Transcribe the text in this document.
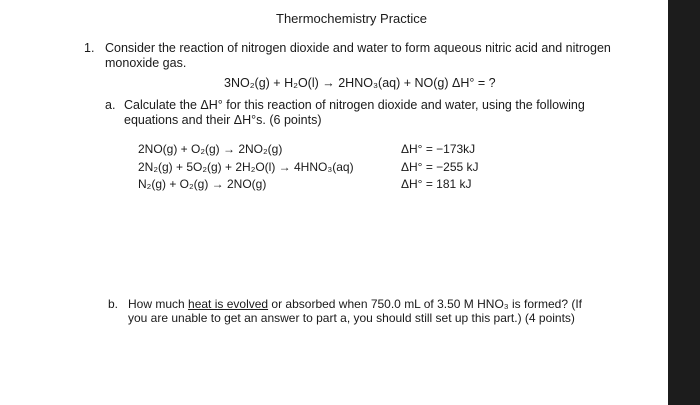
Thermochemistry Practice
1. Consider the reaction of nitrogen dioxide and water to form aqueous nitric acid and nitrogen
monoxide gas.
3NO₂(g) + H₂O(l) → 2HNO₃(aq) + NO(g) ΔH° = ?
a. Calculate the ΔH° for this reaction of nitrogen dioxide and water, using the following
equations and their ΔH°s. (6 points)
2NO(g) + O₂(g) → 2NO₂(g)	ΔH° = −173kJ
2N₂(g) + 5O₂(g) + 2H₂O(l) → 4HNO₃(aq)	ΔH° = −255 kJ
N₂(g) + O₂(g) → 2NO(g)	ΔH° = 181 kJ
b. How much heat is evolved or absorbed when 750.0 mL of 3.50 M HNO₃ is formed? (If
you are unable to get an answer to part a, you should still set up this part.) (4 points)
